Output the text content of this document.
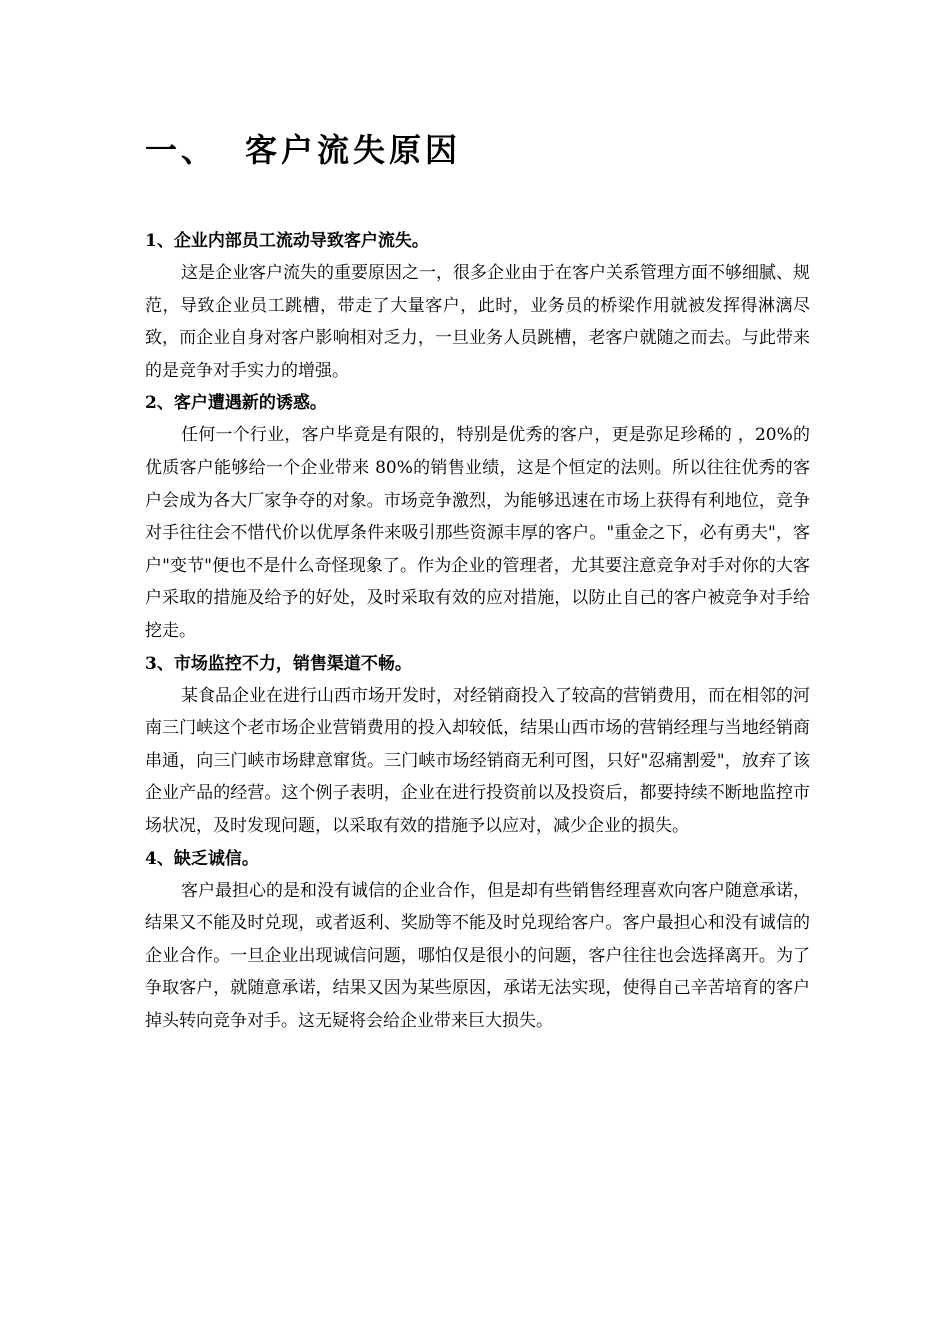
一、 客户流失原因

1、企业内部员工流动导致客户流失。

这是企业客户流失的重要原因之一，很多企业由于在客户关系管理方面不够细腻、规范，导致企业员工跳槽，带走了大量客户，此时，业务员的桥梁作用就被发挥得淋漓尽致，而企业自身对客户影响相对乏力，一旦业务人员跳槽，老客户就随之而去。与此带来的是竞争对手实力的增强。

2、客户遭遇新的诱惑。

任何一个行业，客户毕竟是有限的，特别是优秀的客户，更是弥足珍稀的 ，20%的优质客户能够给一个企业带来 80%的销售业绩，这是个恒定的法则。所以往往优秀的客户会成为各大厂家争夺的对象。市场竞争激烈，为能够迅速在市场上获得有利地位，竞争对手往往会不惜代价以优厚条件来吸引那些资源丰厚的客户。"重金之下，必有勇夫"，客户"变节"便也不是什么奇怪现象了。作为企业的管理者，尤其要注意竞争对手对你的大客户采取的措施及给予的好处，及时采取有效的应对措施，以防止自己的客户被竞争对手给挖走。

3、市场监控不力，销售渠道不畅。

某食品企业在进行山西市场开发时，对经销商投入了较高的营销费用，而在相邻的河南三门峡这个老市场企业营销费用的投入却较低，结果山西市场的营销经理与当地经销商串通，向三门峡市场肆意窜货。三门峡市场经销商无利可图，只好"忍痛割爱"，放弃了该企业产品的经营。这个例子表明，企业在进行投资前以及投资后，都要持续不断地监控市场状况，及时发现问题，以采取有效的措施予以应对，减少企业的损失。

4、缺乏诚信。

客户最担心的是和没有诚信的企业合作，但是却有些销售经理喜欢向客户随意承诺，结果又不能及时兑现，或者返利、奖励等不能及时兑现给客户。客户最担心和没有诚信的企业合作。一旦企业出现诚信问题，哪怕仅是很小的问题，客户往往也会选择离开。为了争取客户，就随意承诺，结果又因为某些原因，承诺无法实现，使得自己辛苦培育的客户掉头转向竞争对手。这无疑将会给企业带来巨大损失。
